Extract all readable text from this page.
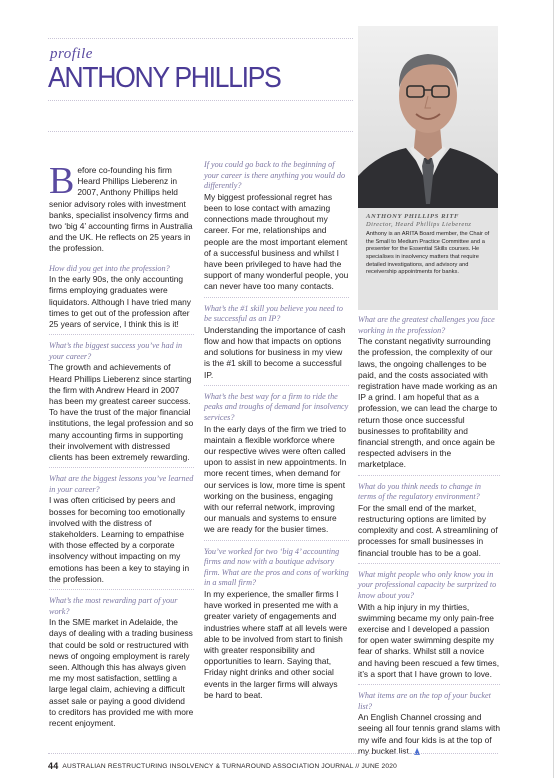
profile
ANTHONY PHILLIPS
ANTHONY PHILLIPS RITF
Director, Heard Phillips Lieberenz
Anthony is an ARITA Board member, the Chair of the Small to Medium Practice Committee and a presenter for the Essential Skills courses. He specialises in insolvency matters that require detailed investigations, and advisory and receivership appointments for banks.
B efore co-founding his firm Heard Phillips Lieberenz in 2007, Anthony Phillips held senior advisory roles with investment banks, specialist insolvency firms and two ‘big 4’ accounting firms in Australia and the UK. He reflects on 25 years in the profession.
How did you get into the profession?
In the early 90s, the only accounting firms employing graduates were liquidators. Although I have tried many times to get out of the profession after 25 years of service, I think this is it!
What’s the biggest success you’ve had in your career?
The growth and achievements of Heard Phillips Lieberenz since starting the firm with Andrew Heard in 2007 has been my greatest career success. To have the trust of the major financial institutions, the legal profession and so many accounting firms in supporting their involvement with distressed clients has been extremely rewarding.
What are the biggest lessons you’ve learned in your career?
I was often criticised by peers and bosses for becoming too emotionally involved with the distress of stakeholders. Learning to empathise with those effected by a corporate insolvency without impacting on my emotions has been a key to staying in the profession.
What’s the most rewarding part of your work?
In the SME market in Adelaide, the days of dealing with a trading business that could be sold or restructured with news of ongoing employment is rarely seen. Although this has always given me my most satisfaction, settling a large legal claim, achieving a difficult asset sale or paying a good dividend to creditors has provided me with more recent enjoyment.
If you could go back to the beginning of your career is there anything you would do differently?
My biggest professional regret has been to lose contact with amazing connections made throughout my career. For me, relationships and people are the most important element of a successful business and whilst I have been privileged to have had the support of many wonderful people, you can never have too many contacts.
What’s the #1 skill you believe you need to be successful as an IP?
Understanding the importance of cash flow and how that impacts on options and solutions for business in my view is the #1 skill to become a successful IP.
What’s the best way for a firm to ride the peaks and troughs of demand for insolvency services?
In the early days of the firm we tried to maintain a flexible workforce where our respective wives were often called upon to assist in new appointments. In more recent times, when demand for our services is low, more time is spent working on the business, engaging with our referral network, improving our manuals and systems to ensure we are ready for the busier times.
You’ve worked for two ‘big 4’ accounting firms and now with a boutique advisory firm. What are the pros and cons of working in a small firm?
In my experience, the smaller firms I have worked in presented me with a greater variety of engagements and industries where staff at all levels were able to be involved from start to finish with greater responsibility and opportunities to learn. Saying that, Friday night drinks and other social events in the larger firms will always be hard to beat.
What are the greatest challenges you face working in the profession?
The constant negativity surrounding the profession, the complexity of our laws, the ongoing challenges to be paid, and the costs associated with registration have made working as an IP a grind. I am hopeful that as a profession, we can lead the charge to return those once successful businesses to profitability and financial strength, and once again be respected advisers in the marketplace.
What do you think needs to change in terms of the regulatory environment?
For the small end of the market, restructuring options are limited by complexity and cost. A streamlining of processes for small businesses in financial trouble has to be a goal.
What might people who only know you in your professional capacity be surprized to know about you?
With a hip injury in my thirties, swimming became my only pain-free exercise and I developed a passion for open water swimming despite my fear of sharks. Whilst still a novice and having been rescued a few times, it’s a sport that I have grown to love.
What items are on the top of your bucket list?
An English Channel crossing and seeing all four tennis grand slams with my wife and four kids is at the top of my bucket list.
44 AUSTRALIAN RESTRUCTURING INSOLVENCY & TURNAROUND ASSOCIATION JOURNAL // JUNE 2020
